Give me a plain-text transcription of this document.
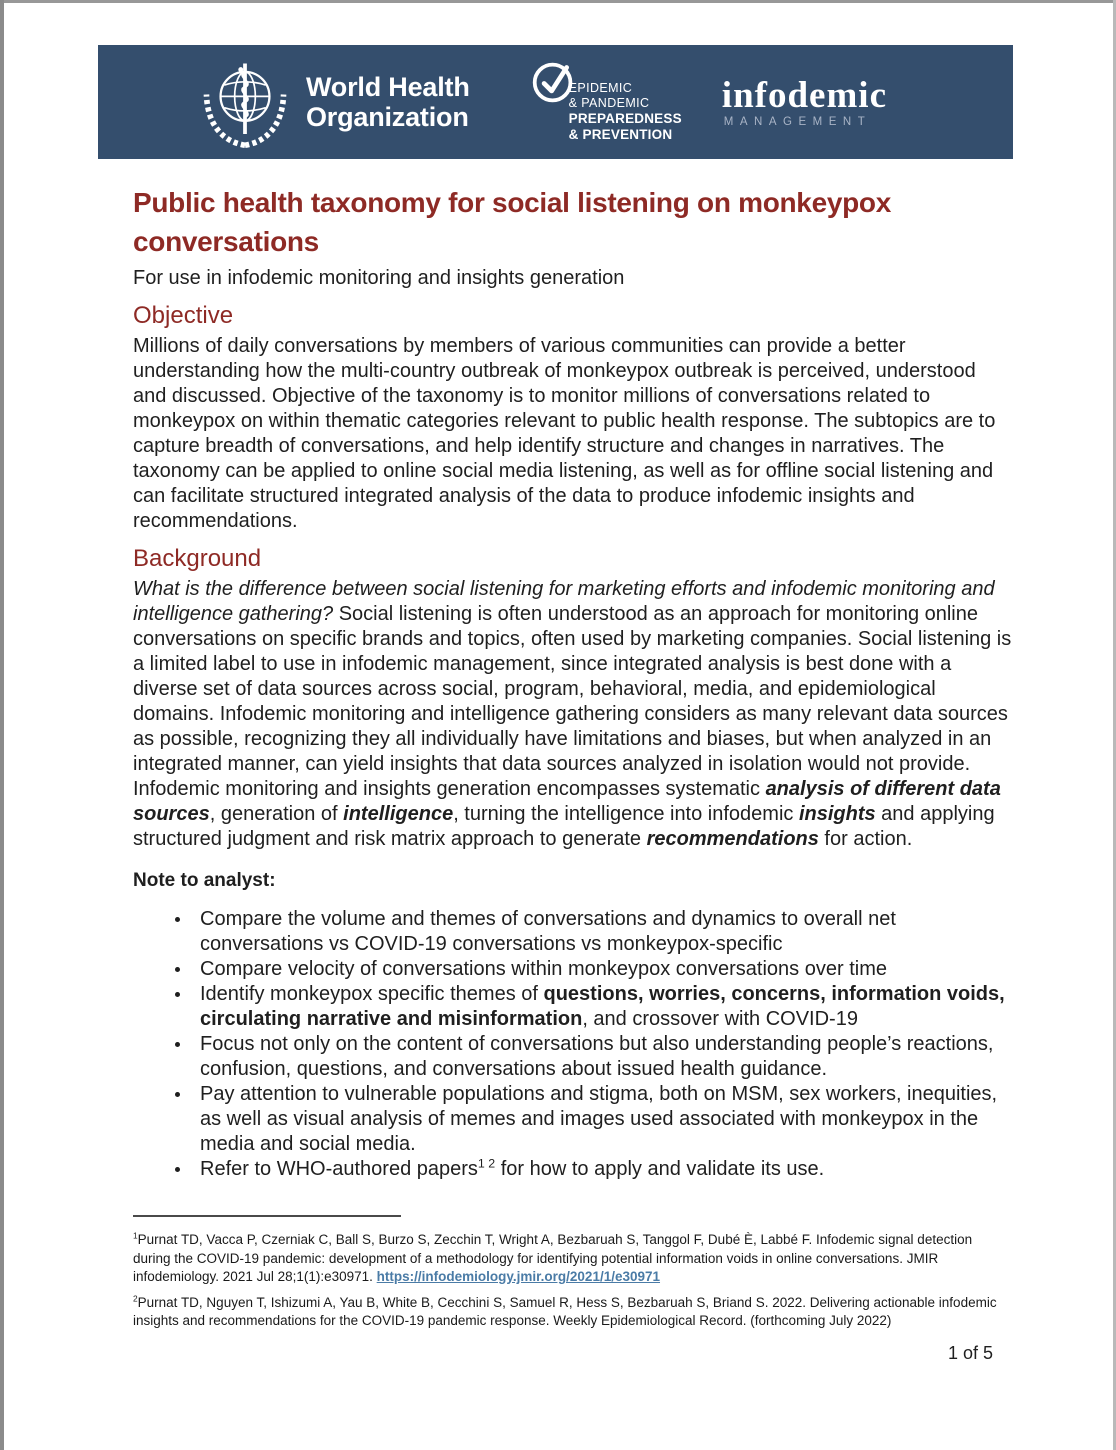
World Health
Organization
EPIDEMIC
& PANDEMIC
PREPAREDNESS
& PREVENTION
infodemic
MANAGEMENT
Public health taxonomy for social listening on monkeypox conversations

For use in infodemic monitoring and insights generation

Objective

Millions of daily conversations by members of various communities can provide a better understanding how the multi-country outbreak of monkeypox outbreak is perceived, understood and discussed. Objective of the taxonomy is to monitor millions of conversations related to monkeypox on within thematic categories relevant to public health response. The subtopics are to capture breadth of conversations, and help identify structure and changes in narratives. The taxonomy can be applied to online social media listening, as well as for offline social listening and can facilitate structured integrated analysis of the data to produce infodemic insights and recommendations.

Background

What is the difference between social listening for marketing efforts and infodemic monitoring and intelligence gathering? Social listening is often understood as an approach for monitoring online conversations on specific brands and topics, often used by marketing companies. Social listening is a limited label to use in infodemic management, since integrated analysis is best done with a diverse set of data sources across social, program, behavioral, media, and epidemiological domains. Infodemic monitoring and intelligence gathering considers as many relevant data sources as possible, recognizing they all individually have limitations and biases, but when analyzed in an integrated manner, can yield insights that data sources analyzed in isolation would not provide. Infodemic monitoring and insights generation encompasses systematic analysis of different data sources, generation of intelligence, turning the intelligence into infodemic insights and applying structured judgment and risk matrix approach to generate recommendations for action.

Note to analyst:

Compare the volume and themes of conversations and dynamics to overall net conversations vs COVID-19 conversations vs monkeypox-specific
Compare velocity of conversations within monkeypox conversations over time
Identify monkeypox specific themes of questions, worries, concerns, information voids, circulating narrative and misinformation, and crossover with COVID-19
Focus not only on the content of conversations but also understanding people’s reactions, confusion, questions, and conversations about issued health guidance.
Pay attention to vulnerable populations and stigma, both on MSM, sex workers, inequities, as well as visual analysis of memes and images used associated with monkeypox in the media and social media.
Refer to WHO-authored papers$^{1 2}$ for how to apply and validate its use.

$^1$Purnat TD, Vacca P, Czerniak C, Ball S, Burzo S, Zecchin T, Wright A, Bezbaruah S, Tanggol F, Dubé È, Labbé F. Infodemic signal detection during the COVID-19 pandemic: development of a methodology for identifying potential information voids in online conversations. JMIR infodemiology. 2021 Jul 28;1(1):e30971. https://infodemiology.jmir.org/2021/1/e30971

$^2$Purnat TD, Nguyen T, Ishizumi A, Yau B, White B, Cecchini S, Samuel R, Hess S, Bezbaruah S, Briand S. 2022. Delivering actionable infodemic insights and recommendations for the COVID-19 pandemic response. Weekly Epidemiological Record. (forthcoming July 2022)

1 of 5
